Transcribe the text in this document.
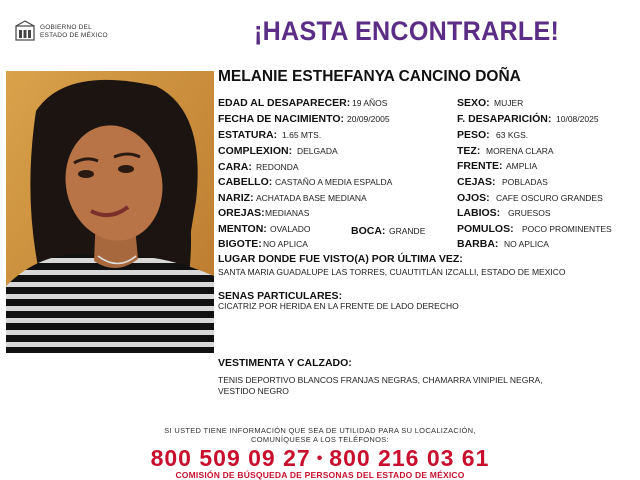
GOBIERNO DEL
ESTADO DE MÉXICO	¡HASTA ENCONTRARLE!
MELANIE ESTHEFANYA CANCINO DOÑA
EDAD AL DESAPARECER: 19 AÑOS
FECHA DE NACIMIENTO: 20/09/2005
ESTATURA: 1.65 MTS.
COMPLEXION: DELGADA
CARA: REDONDA
CABELLO: CASTAÑO A MEDIA ESPALDA
NARIZ: ACHATADA BASE MEDIANA
OREJAS: MEDIANAS
MENTON: OVALADO	BOCA: GRANDE
BIGOTE: NO APLICA
SEXO: MUJER
F. DESAPARICIÓN: 10/08/2025
PESO: 63 KGS.
TEZ: MORENA CLARA
FRENTE: AMPLIA
CEJAS: POBLADAS
OJOS: CAFE OSCURO GRANDES
LABIOS: GRUESOS
POMULOS: POCO PROMINENTES
BARBA: NO APLICA
LUGAR DONDE FUE VISTO(A) POR ÚLTIMA VEZ:
SANTA MARIA GUADALUPE LAS TORRES, CUAUTITLÁN IZCALLI, ESTADO DE MEXICO
SENAS PARTICULARES:
CICATRIZ POR HERIDA EN LA FRENTE DE LADO DERECHO
VESTIMENTA Y CALZADO:
TENIS DEPORTIVO BLANCOS FRANJAS NEGRAS, CHAMARRA VINIPIEL NEGRA,
VESTIDO NEGRO
SI USTED TIENE INFORMACIÓN QUE SEA DE UTILIDAD PARA SU LOCALIZACIÓN,
COMUNÍQUESE A LOS TELÉFONOS:
800 509 09 27 • 800 216 03 61
COMISIÓN DE BÚSQUEDA DE PERSONAS DEL ESTADO DE MÉXICO
